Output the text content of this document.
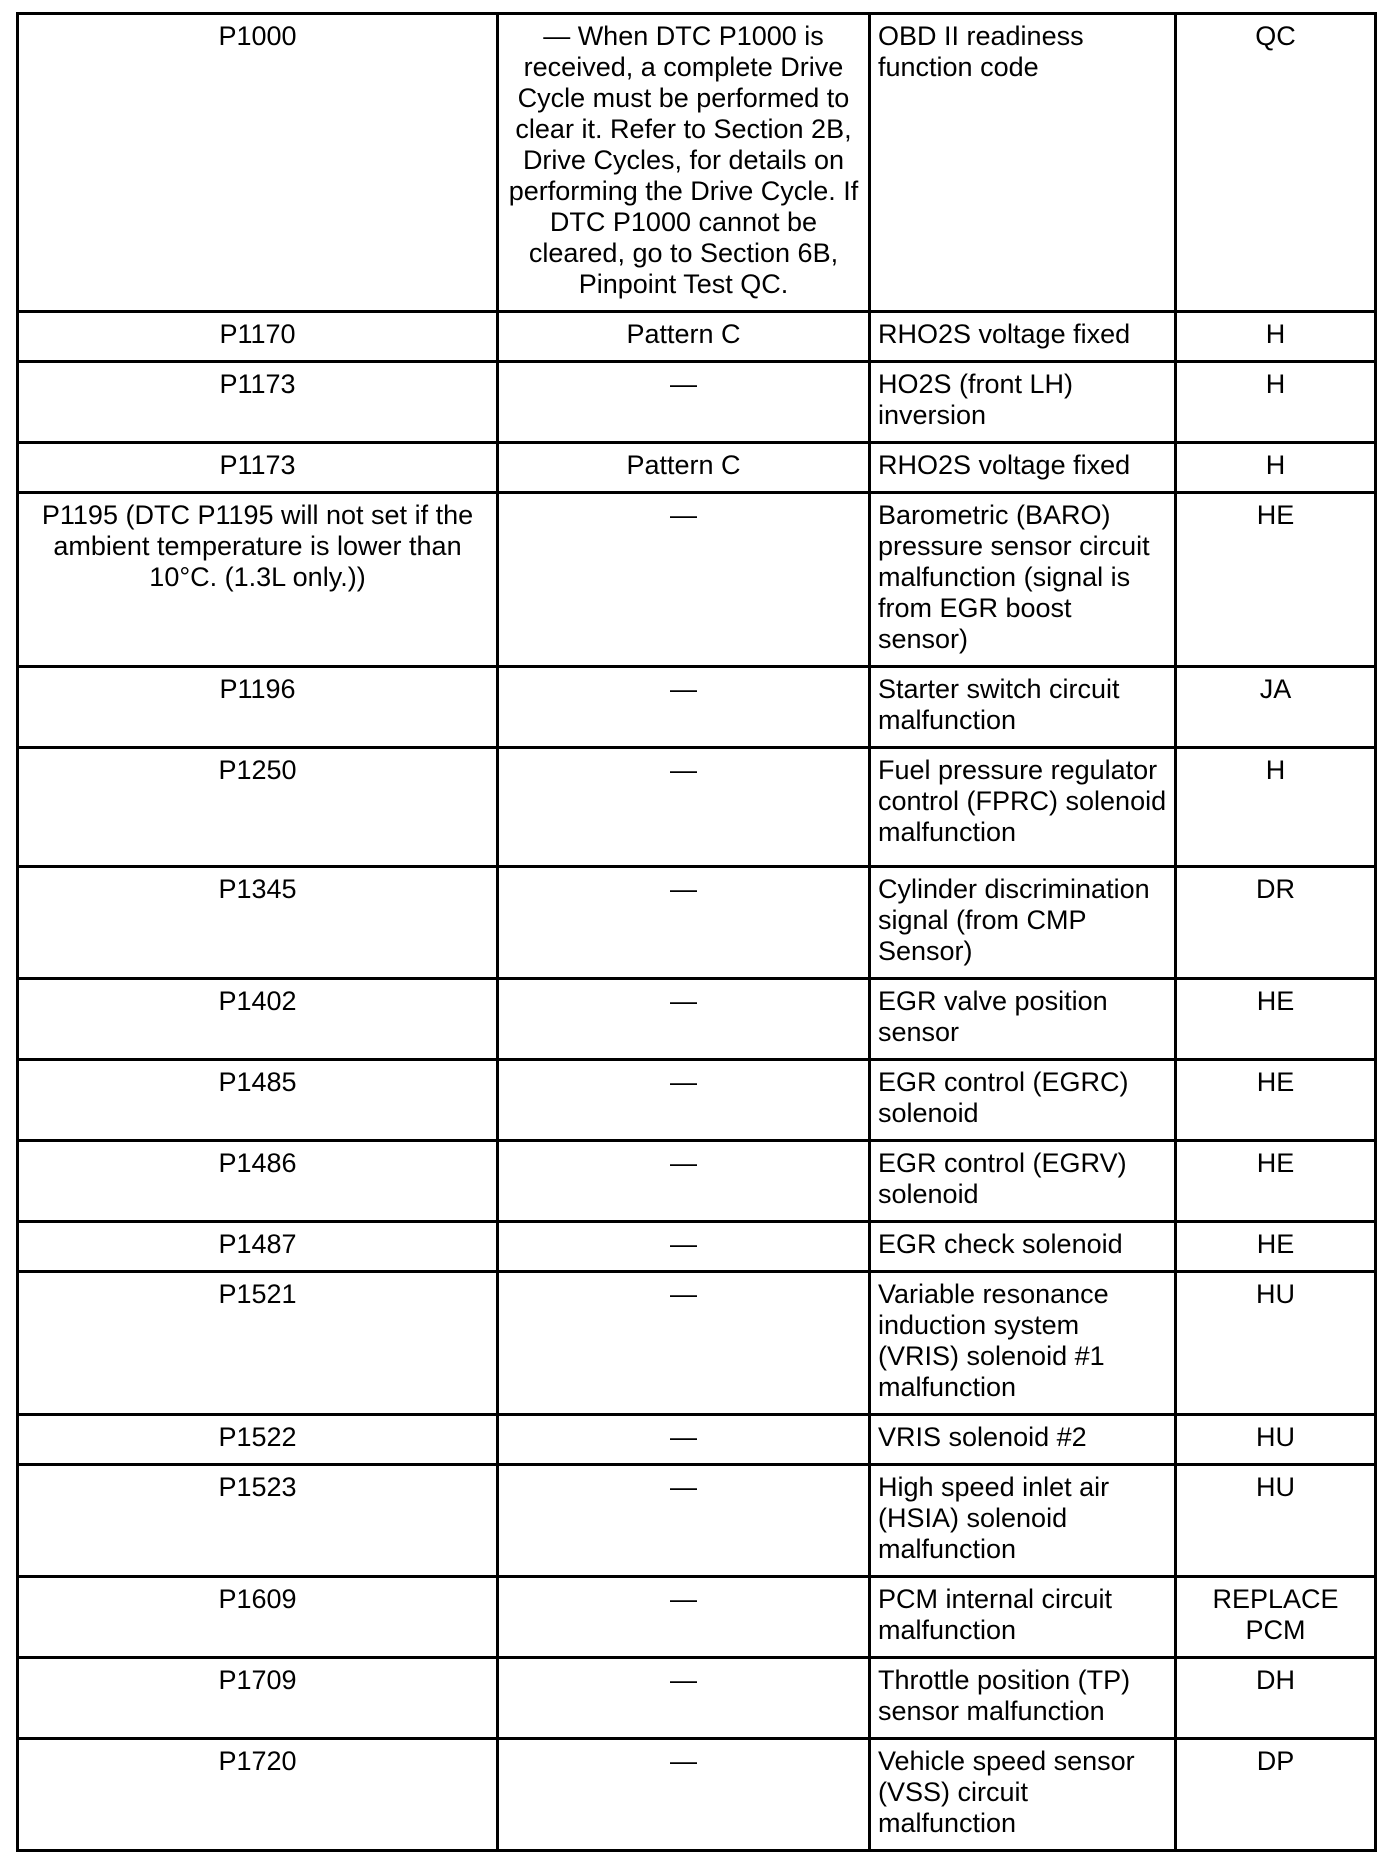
P1000	— When DTC P1000 is received, a complete Drive Cycle must be performed to clear it. Refer to Section 2B, Drive Cycles, for details on performing the Drive Cycle. If DTC P1000 cannot be cleared, go to Section 6B, Pinpoint Test QC.	OBD II readiness function code	QC
P1170	Pattern C	RHO2S voltage fixed	H
P1173	—	HO2S (front LH) inversion	H
P1173	Pattern C	RHO2S voltage fixed	H
P1195 (DTC P1195 will not set if the ambient temperature is lower than 10°C. (1.3L only.))	—	Barometric (BARO) pressure sensor circuit malfunction (signal is from EGR boost sensor)	HE
P1196	—	Starter switch circuit malfunction	JA
P1250	—	Fuel pressure regulator control (FPRC) solenoid malfunction	H
P1345	—	Cylinder discrimination signal (from CMP Sensor)	DR
P1402	—	EGR valve position sensor	HE
P1485	—	EGR control (EGRC) solenoid	HE
P1486	—	EGR control (EGRV) solenoid	HE
P1487	—	EGR check solenoid	HE
P1521	—	Variable resonance induction system (VRIS) solenoid #1 malfunction	HU
P1522	—	VRIS solenoid #2	HU
P1523	—	High speed inlet air (HSIA) solenoid malfunction	HU
P1609	—	PCM internal circuit malfunction	REPLACE PCM
P1709	—	Throttle position (TP) sensor malfunction	DH
P1720	—	Vehicle speed sensor (VSS) circuit malfunction	DP
